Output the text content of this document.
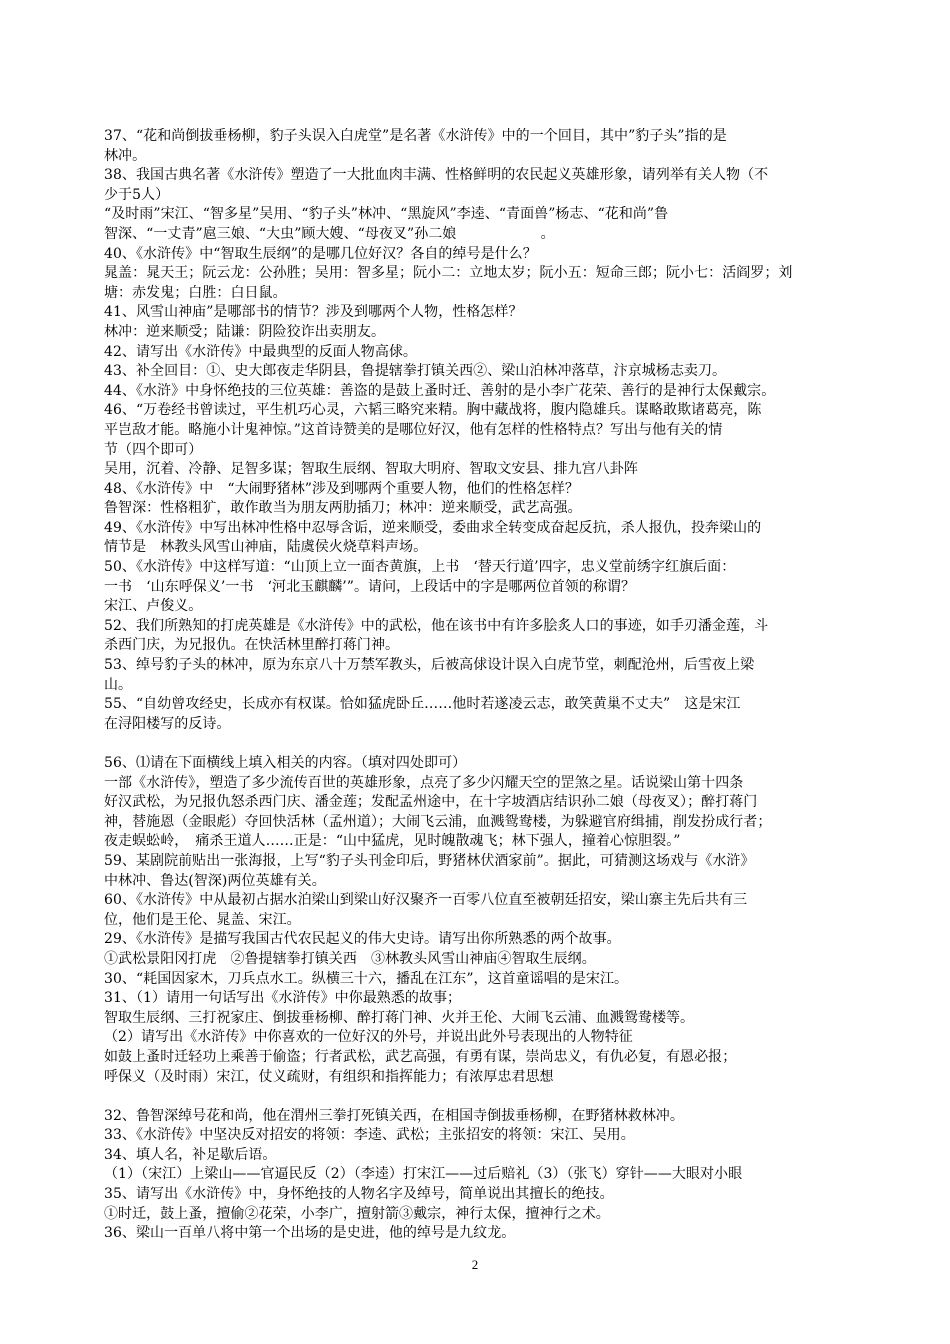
37、“花和尚倒拔垂杨柳，豹子头误入白虎堂”是名著《水浒传》中的一个回目，其中”豹子头”指的是
林冲。
38、我国古典名著《水浒传》塑造了一大批血肉丰满、性格鲜明的农民起义英雄形象，请列举有关人物（不
少于5人）
“及时雨”宋江、“智多星”吴用、“豹子头”林冲、“黑旋风”李逵、“青面兽”杨志、“花和尚”鲁
智深、“一丈青”扈三娘、“大虫”顾大嫂、“母夜叉”孙二娘　　　　　　。
40、《水浒传》中“智取生辰纲”的是哪几位好汉？各自的绰号是什么？
晁盖：晁天王；阮云龙：公孙胜；吴用：智多星；阮小二：立地太岁；阮小五：短命三郎；阮小七：活阎罗；刘
塘：赤发鬼；白胜：白日鼠。
41、风雪山神庙”是哪部书的情节？涉及到哪两个人物，性格怎样？
林冲：逆来顺受；陆谦：阴险狡诈出卖朋友。
42、请写出《水浒传》中最典型的反面人物高俅。
43、补全回目：①、史大郎夜走华阴县，鲁提辖拳打镇关西②、梁山泊林冲落草，汴京城杨志卖刀。
44、《水浒》中身怀绝技的三位英雄：善盗的是鼓上蚤时迁、善射的是小李广花荣、善行的是神行太保戴宗。
46、“万卷经书曾读过，平生机巧心灵，六韬三略究来精。胸中藏战将，腹内隐雄兵。谋略敢欺诸葛亮，陈
平岂敌才能。略施小计鬼神惊。”这首诗赞美的是哪位好汉，他有怎样的性格特点？写出与他有关的情
节（四个即可）
吴用，沉着、冷静、足智多谋；智取生辰纲、智取大明府、智取文安县、排九宫八卦阵
48、《水浒传》中　“大闹野猪林”涉及到哪两个重要人物，他们的性格怎样？
鲁智深：性格粗犷，敢作敢当为朋友两肋插刀；林冲：逆来顺受，武艺高强。
49、《水浒传》中写出林冲性格中忍辱含诟，逆来顺受，委曲求全转变成奋起反抗，杀人报仇，投奔梁山的
情节是　林教头风雪山神庙，陆虞侯火烧草料声场。
50、《水浒传》中这样写道：“山顶上立一面杏黄旗，上书　‘替天行道’四字，忠义堂前绣字红旗后面：
一书　‘山东呼保义’一书　‘河北玉麒麟’”。请问，上段话中的字是哪两位首领的称谓？
宋江、卢俊义。
52、我们所熟知的打虎英雄是《水浒传》中的武松，他在该书中有许多脍炙人口的事迹，如手刃潘金莲，斗
杀西门庆，为兄报仇。在快活林里醉打蒋门神。
53、绰号豹子头的林冲，原为东京八十万禁军教头，后被高俅设计误入白虎节堂，刺配沧州，后雪夜上梁
山。
55、“自幼曾攻经史，长成亦有权谋。恰如猛虎卧丘……他时若遂凌云志，敢笑黄巢不丈夫”　这是宋江
在浔阳楼写的反诗。
56、⑴请在下面横线上填入相关的内容。（填对四处即可）
一部《水浒传》，塑造了多少流传百世的英雄形象，点亮了多少闪耀天空的罡煞之星。话说梁山第十四条
好汉武松，为兄报仇怒杀西门庆、潘金莲；发配孟州途中，在十字坡酒店结识孙二娘（母夜叉）；醉打蒋门
神，替施恩（金眼彪）夺回快活林（孟州道）；大闹飞云浦，血溅鸳鸯楼，为躲避官府缉捕，削发扮成行者；
夜走蜈蚣岭，　痛杀王道人……正是：“山中猛虎，见时魄散魂飞；林下强人，撞着心惊胆裂。”
59、某剧院前贴出一张海报，上写“豹子头刊金印后，野猪林伏酒家前”。据此，可猜测这场戏与《水浒》
中林冲、鲁达(智深)两位英雄有关。
60、《水浒传》中从最初占据水泊梁山到梁山好汉聚齐一百零八位直至被朝廷招安，梁山寨主先后共有三
位，他们是王伦、晁盖、宋江。
29、《水浒传》是描写我国古代农民起义的伟大史诗。请写出你所熟悉的两个故事。
①武松景阳冈打虎　②鲁提辖拳打镇关西　③林教头风雪山神庙④智取生辰纲。
30、“耗国因家木，刀兵点水工。纵横三十六，播乱在江东”，这首童谣唱的是宋江。
31、（1）请用一句话写出《水浒传》中你最熟悉的故事；
智取生辰纲、三打祝家庄、倒拔垂杨柳、醉打蒋门神、火并王伦、大闹飞云浦、血溅鸳鸯楼等。
（2）请写出《水浒传》中你喜欢的一位好汉的外号，并说出此外号表现出的人物特征
如鼓上蚤时迁轻功上乘善于偷盗；行者武松，武艺高强，有勇有谋，崇尚忠义，有仇必复，有恩必报；
呼保义（及时雨）宋江，仗义疏财，有组织和指挥能力；有浓厚忠君思想
32、鲁智深绰号花和尚，他在渭州三拳打死镇关西，在相国寺倒拔垂杨柳，在野猪林救林冲。
33、《水浒传》中坚决反对招安的将领：李逵、武松；主张招安的将领：宋江、吴用。
34、填人名，补足歇后语。
（1）（宋江）上梁山——官逼民反（2）（李逵）打宋江——过后赔礼（3）（张飞）穿针——大眼对小眼
35、请写出《水浒传》中，身怀绝技的人物名字及绰号，简单说出其擅长的绝技。
①时迁，鼓上蚤，擅偷②花荣，小李广，擅射箭③戴宗，神行太保，擅神行之术。
36、梁山一百单八将中第一个出场的是史进，他的绰号是九纹龙。
2
